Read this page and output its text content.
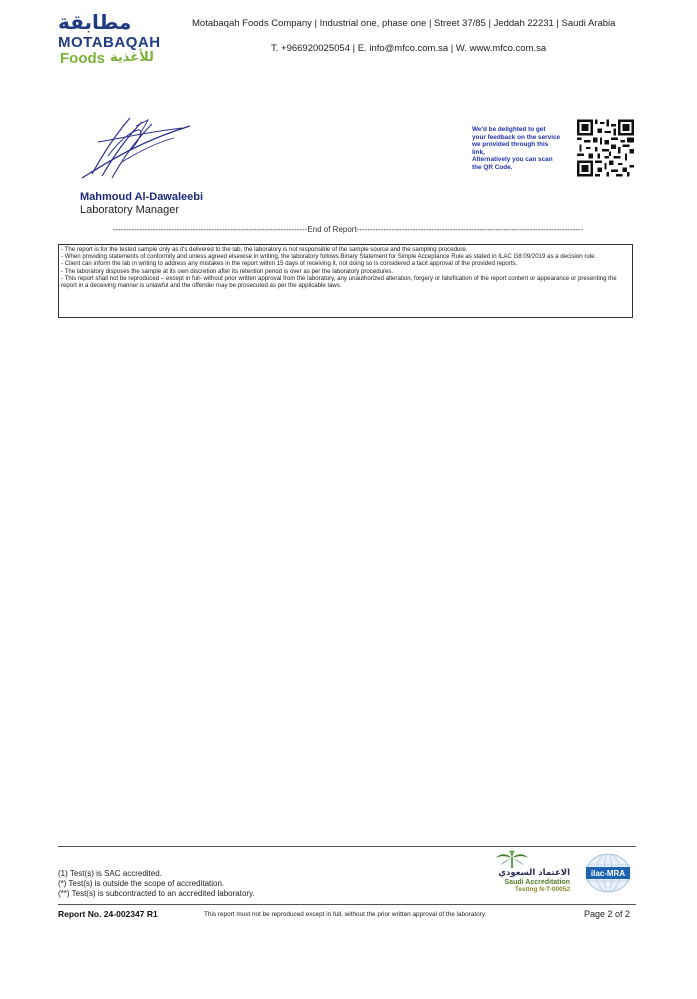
مطابقة
MOTABAQAH
Foods للأغذية
Motabaqah Foods Company | Industrial one, phase one | Street 37/85 | Jeddah 22231 | Saudi Arabia
T. +966920025054 | E. info@mfco.com.sa | W. www.mfco.com.sa
Mahmoud Al-Dawaleebi
Laboratory Manager
We'd be delighted to get
your feedback on the service
we provided through this
link,
Alternatively you can scan
the QR Code.
-------------------------------------------------------------------------End of Report-------------------------------------------------------------------------------------
- The report is for the tested sample only as it's delivered to the lab, the laboratory is not responsible of the sample source and the sampling procedure.
- When providing statements of conformity and unless agreed elsewise in writing, the laboratory follows Binary Statement for Simple Acceptance Rule as stated in ILAC G8:09/2019 as a decision rule.
- Client can inform the lab in writing to address any mistakes in the report within 15 days of receiving it, not doing so is considered a tacit approval of the provided reports.
- The laboratory disposes the sample at its own discretion after its retention period is over as per the laboratory procedures.
- This report shall not be reproduced – except in full- without prior written approval from the laboratory, any unauthorized alteration, forgery or falsification of the report content or appearance or presenting the report in a deceiving manner is unlawful and the offender may be prosecuted as per the applicable laws.
(1) Test(s) is SAC accredited.
(*) Test(s) is outside the scope of accreditation.
(**) Test(s) is subcontracted to an accredited laboratory.
الاعتماد السعودي
Saudi Accreditation
Testing N-T-00052
ilac-MRA
Report No. 24-002347 R1	This report must not be reproduced except in full, without the prior written approval of the laboratory.	Page 2 of 2
